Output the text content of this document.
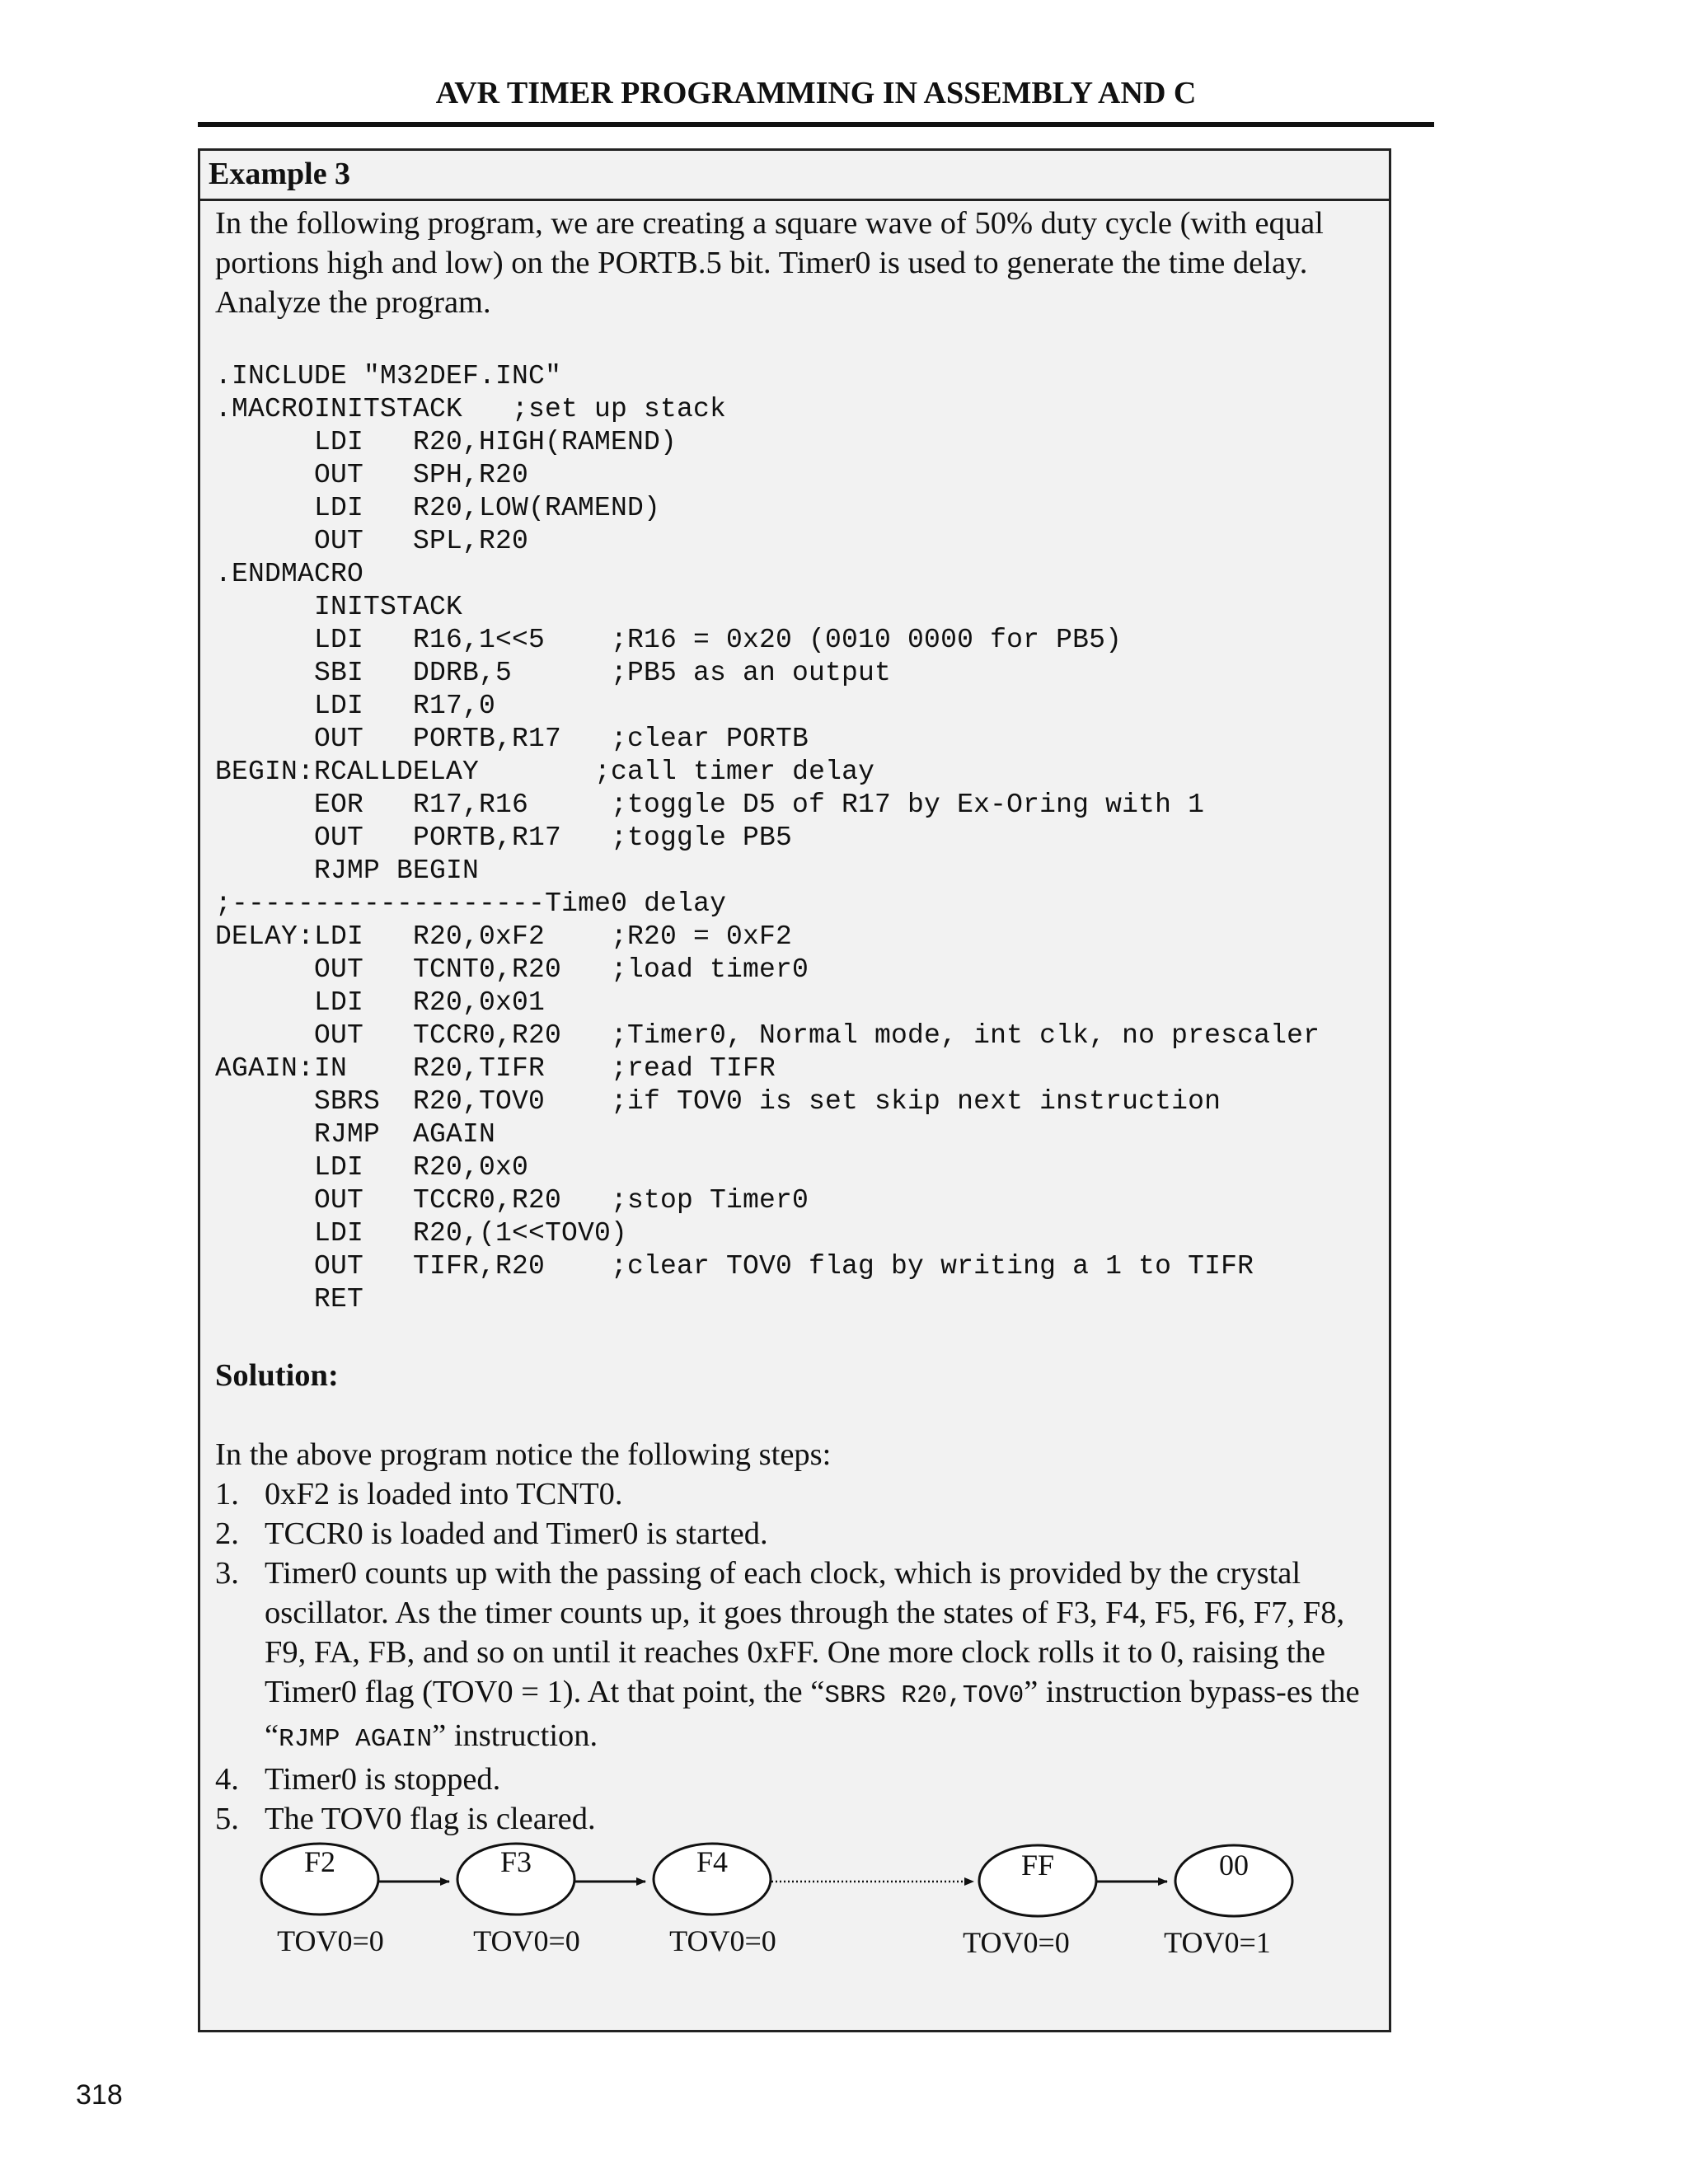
AVR TIMER PROGRAMMING IN ASSEMBLY AND C
Example 3

In the following program, we are creating a square wave of 50% duty cycle (with equal portions high and low) on the PORTB.5 bit. Timer0 is used to generate the time delay. Analyze the program.

.INCLUDE "M32DEF.INC"
.MACROINITSTACK ;set up stack
LDI R20,HIGH(RAMEND)
OUT SPH,R20
LDI R20,LOW(RAMEND)
OUT SPL,R20
.ENDMACRO
INITSTACK
LDI R16,1<<5 ;R16 = 0x20 (0010 0000 for PB5)
SBI DDRB,5	;PB5 as an output
LDI R17,0
OUT PORTB,R17 ;clear PORTB
BEGIN:RCALLDELAY	;call timer delay
EOR R17,R16	;toggle D5 of R17 by Ex-Oring with 1
OUT PORTB,R17 ;toggle PB5
RJMP BEGIN
;-------------------Time0 delay
DELAY:LDI R20,0xF2 ;R20 = 0xF2
OUT TCNT0,R20 ;load timer0
LDI R20,0x01
OUT TCCR0,R20 ;Timer0, Normal mode, int clk, no prescaler
AGAIN:IN R20,TIFR ;read TIFR
SBRS R20,TOV0 ;if TOV0 is set skip next instruction
RJMP AGAIN
LDI R20,0x0
OUT TCCR0,R20 ;stop Timer0
LDI R20,(1<<TOV0)
OUT TIFR,R20 ;clear TOV0 flag by writing a 1 to TIFR
RET

Solution:

In the above program notice the following steps:

1. 0xF2 is loaded into TCNT0.
2. TCCR0 is loaded and Timer0 is started.
3. Timer0 counts up with the passing of each clock, which is provided by the crystal oscillator. As the timer counts up, it goes through the states of F3, F4, F5, F6, F7, F8, F9, FA, FB, and so on until it reaches 0xFF. One more clock rolls it to 0, raising the Timer0 flag (TOV0 = 1). At that point, the “SBRS R20,TOV0” instruction bypass-es the “RJMP AGAIN” instruction.
4. Timer0 is stopped.
5. The TOV0 flag is cleared.
F2
TOV0=0
F3
TOV0=0
F4
TOV0=0
FF
TOV0=0
00
TOV0=1
318
